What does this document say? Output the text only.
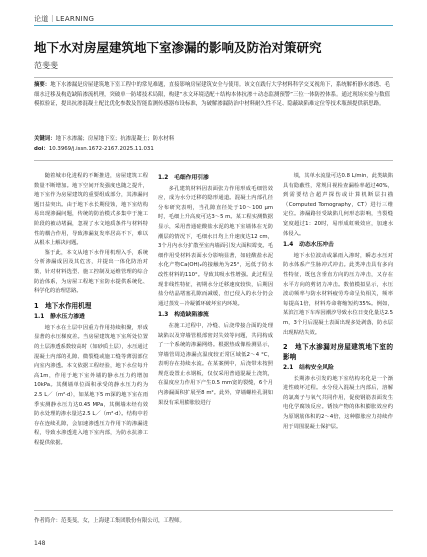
论道｜LEARNING
地下水对房屋建筑地下室渗漏的影响及防治对策研究
范斐斐
摘要：地下水渗漏是房屋建筑地下室工程中的常见难题，直接影响房屋建筑安全与使用。该文在践行大学材料科学交叉视角下，系统解析静水渗透、毛细水迁移及构造缺陷渗流机理，突破单一防堵技术局限，构建“水文环境适配＋结构本体抗渗＋动态监测预警”三位一体防控体系。通过现场实验与数值模拟验证，提出抗渗混凝土配比优化参数及智能监测传感器布设标准，为破解渗漏防治中材料耐久性不足、隐蔽缺陷难定位等技术瓶颈提供新思路。
关键词：地下水渗漏；房屋地下室；抗渗混凝土；防水材料
doi：10.3969/j.issn.1672-2167.2025.11.031

随着城市化进程的不断推进，房屋建筑工程数量不断增加。地下空间开发强度也随之提升，地下室作为房屋建筑的重要组成部分，其渗漏问题日益突出。由于地下水长期侵蚀，地下室结构易出现渗漏问题，传统的防治模式多集中于施工阶段的被动堵漏，忽视了水文地质条件与材料特性的耦合作用，导致渗漏复发率居高不下，难以从根本上解决问题。

鉴于此，本文从地下水作用机理入手，系统分析渗漏成因及其危害，并提出一体化防治对策，针对材料选型、施工控制及运维管理的综合防治体系，为房屋工程地下室防水提供系统化、科学化的治理思路。

1　地下水作用机理
1.1　静水压力渗透

地下水在土层中因重力作用持续积聚，形成显著的水压梯度差。当房屋建筑地下室所处位置的土层渗透系数较高时（如砂质土层），水压通过混凝土内部的孔隙、微裂缝或施工缝等薄弱部位向室内渗透。本文依据工程经验，地下水位每升高1m，作用于地下室外墙的静水压力约增加10kPa。其侧墙单位面积承受的静水压力约为2.5 L／（m²·d），如某地下5 m深的地下室在雨季实测静水压力达0.45 MPa，其侧墙未经有效防水处理的渗水量达2.5 L／（m²·d）。结构中若存在连续孔隙，会加速渗透压力作用下的渗漏进程，导致水渗透进入地下室内部，为防水抗渗工程提供依据。

1.2　毛细作用引渗

多孔建筑材料因表面张力作用形成毛细管效应，成为水分迁移的隐形通道。混凝土内部孔径分布研究表明，当孔隙直径处于10～100 μm时，毛细上升高度可达3～5 m。某工程实测数据显示，采用普通硅酸盐水泥的地下室墙体在无防潮层的情况下，毛细水日均上升速度达12 cm，3个月内水分扩散至室内墙面引发大面积霉变。毛细作用受材料表面水分影响显著，如硅酸盐水泥水化产物Ca(OH)₂的接触角为25°，远低于防水改性材料的110°。导致其吸水性增强。此过程呈现非线性特征，初期水分迁移速度较快，后期因盐分结晶堵塞孔隙而减缓，但已侵入的水分仍会通过蒸发－冷凝循环破坏室内环境。

1.3　构造缺陷渗流

在施工过程中，冷缝、后浇带接合面的处理缺陷以及穿墙管根部密封失效等问题，共同构成了一个系统的渗漏网络。根据热成像检测显示，穿墙管周边渗漏点温度较正常区域低2～4 °C，表明存在持续水流。在某案例中，后浇带未按照规范设置止水钢板，仅仅采用普通混凝土浇筑，在温度应力作用下产生0.5 mm宽的裂缝，6个月内渗漏面积扩展至8 m²。此外，穿墙螺栓孔洞如果没有采用膨胀胶进行

填，其单水流量可达0.8 L/min，此类缺陷具有隐蔽性，常规目视检查漏检率超过40%，到需要结合超声探伤或计算机断层扫描（Computed Tomography，CT）进行三维定位。渗漏路径受缺陷几何形态影响，当裂缝宽度超过1：20时，易形成虹吸效应，加速水体侵入。

1.4　动态水压冲击

地下水位波动或暴雨入渗时，瞬态水压对防水体系产生脉冲式冲击。此类冲击具有多向性特征，既包含垂直方向的压力冲击，又存在水平方向的剪切力冲击。数值模拟显示，水压波动频率与防水材料疲劳寿命呈负相关，频率每提高1倍，材料寿命将缩短约35%。例如，某滨江地下车库因潮汐导致水位日变化量达2.5 m，3个月后混凝土表面出现多处剥落，防水层出现粘结失效。

2　地下水渗漏对房屋建筑地下室的影响
2.1　结构安全风险

长期渗水引发的地下室结构劣化是一个渐进性破坏过程。水分侵入混凝土内部后，溶解的氯离子与氧气共同作用，促使钢筋表面发生电化学腐蚀反应。锈蚀产物的体积膨胀效应约为原钢筋体积的2～4倍，这种膨胀应力持续作用于周围混凝土保护层。

作者简介：范斐斐，女，上海建工集团股份有限公司，工程师。
148
